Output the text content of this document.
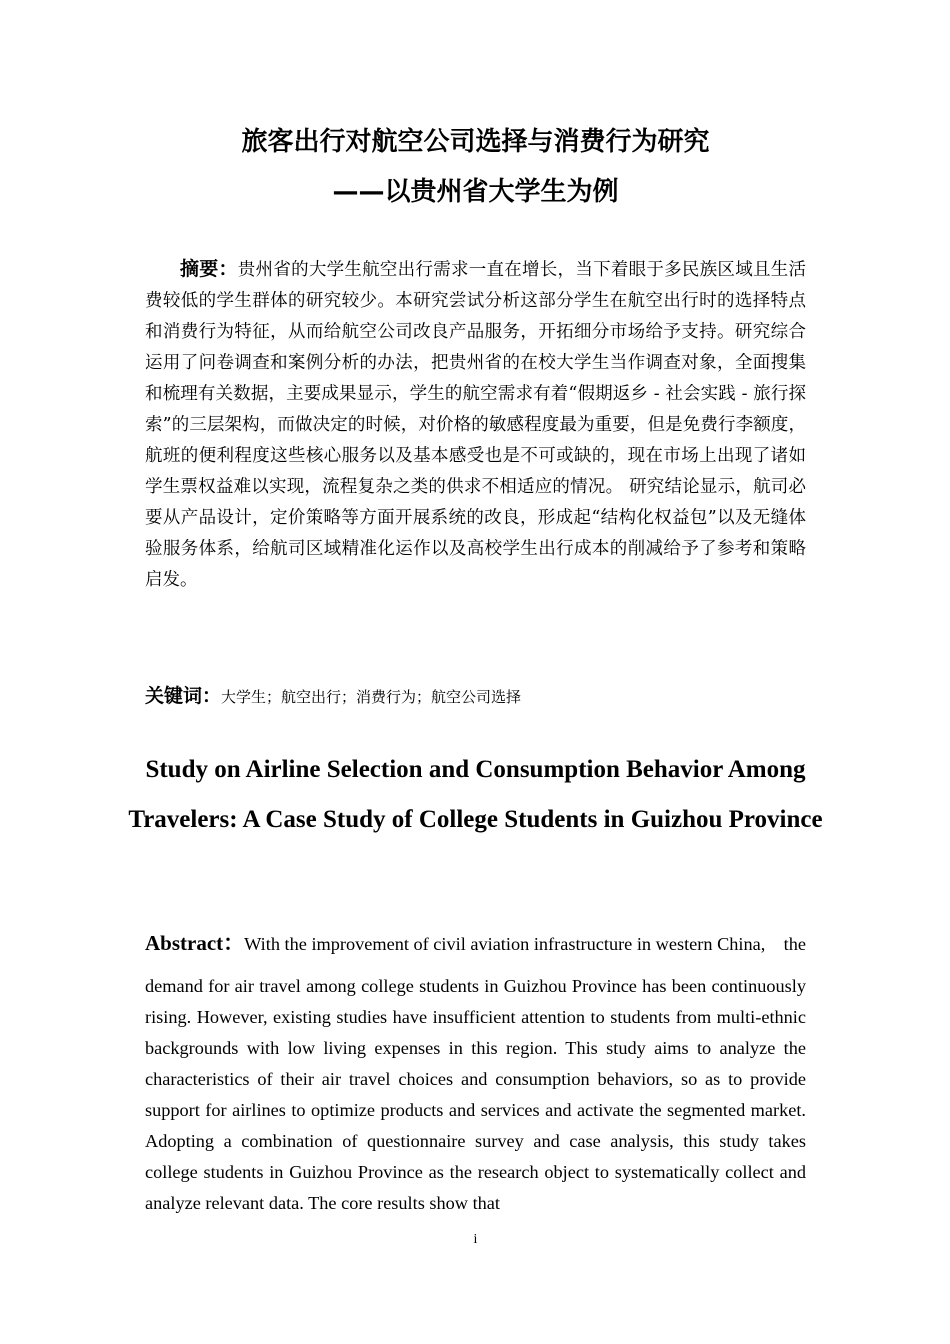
旅客出行对航空公司选择与消费行为研究
——以贵州省大学生为例

摘要：贵州省的大学生航空出行需求一直在增长，当下着眼于多民族区域且生活费较低的学生群体的研究较少。本研究尝试分析这部分学生在航空出行时的选择特点和消费行为特征，从而给航空公司改良产品服务，开拓细分市场给予支持。研究综合运用了问卷调查和案例分析的办法，把贵州省的在校大学生当作调查对象，全面搜集和梳理有关数据，主要成果显示，学生的航空需求有着“假期返乡 - 社会实践 - 旅行探索”的三层架构，而做决定的时候，对价格的敏感程度最为重要，但是免费行李额度，航班的便利程度这些核心服务以及基本感受也是不可或缺的，现在市场上出现了诸如学生票权益难以实现，流程复杂之类的供求不相适应的情况。 研究结论显示，航司必要从产品设计，定价策略等方面开展系统的改良，形成起“结构化权益包”以及无缝体验服务体系，给航司区域精准化运作以及高校学生出行成本的削减给予了参考和策略启发。

关键词：大学生；航空出行；消费行为；航空公司选择

Study on Airline Selection and Consumption Behavior Among Travelers: A Case Study of College Students in Guizhou Province

Abstract：With the improvement of civil aviation infrastructure in western China, the demand for air travel among college students in Guizhou Province has been continuously rising. However, existing studies have insufficient attention to students from multi-ethnic backgrounds with low living expenses in this region. This study aims to analyze the characteristics of their air travel choices and consumption behaviors, so as to provide support for airlines to optimize products and services and activate the segmented market. Adopting a combination of questionnaire survey and case analysis, this study takes college students in Guizhou Province as the research object to systematically collect and analyze relevant data. The core results show that

i
